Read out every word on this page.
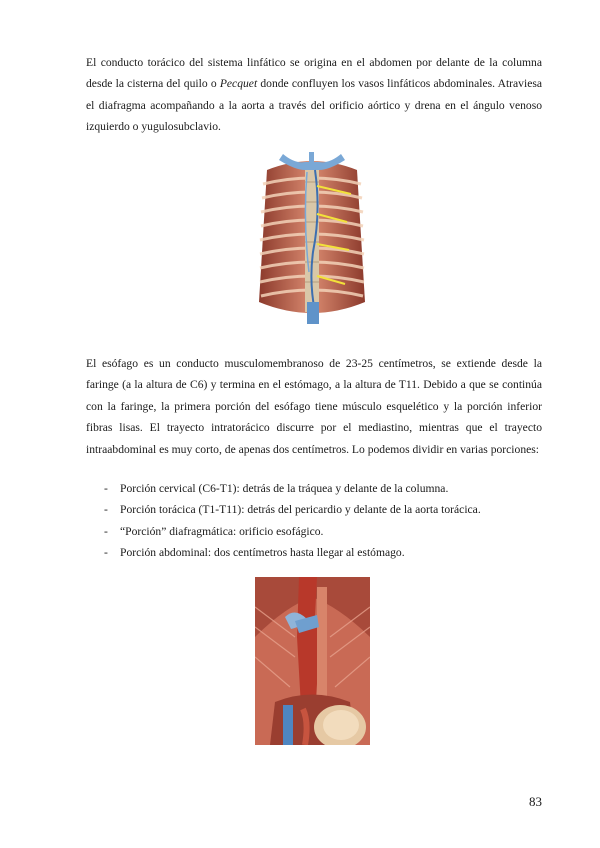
El conducto torácico del sistema linfático se origina en el abdomen por delante de la columna desde la cisterna del quilo o Pecquet donde confluyen los vasos linfáticos abdominales. Atraviesa el diafragma acompañando a la aorta a través del orificio aórtico y drena en el ángulo venoso izquierdo o yugulosubclavio.

El esófago es un conducto musculomembranoso de 23-25 centímetros, se extiende desde la faringe (a la altura de C6) y termina en el estómago, a la altura de T11. Debido a que se continúa con la faringe, la primera porción del esófago tiene músculo esquelético y la porción inferior fibras lisas. El trayecto intratorácico discurre por el mediastino, mientras que el trayecto intraabdominal es muy corto, de apenas dos centímetros. Lo podemos dividir en varias porciones:

- Porción cervical (C6-T1): detrás de la tráquea y delante de la columna.
- Porción torácica (T1-T11): detrás del pericardio y delante de la aorta torácica.
- “Porción” diafragmática: orificio esofágico.
- Porción abdominal: dos centímetros hasta llegar al estómago.
83
